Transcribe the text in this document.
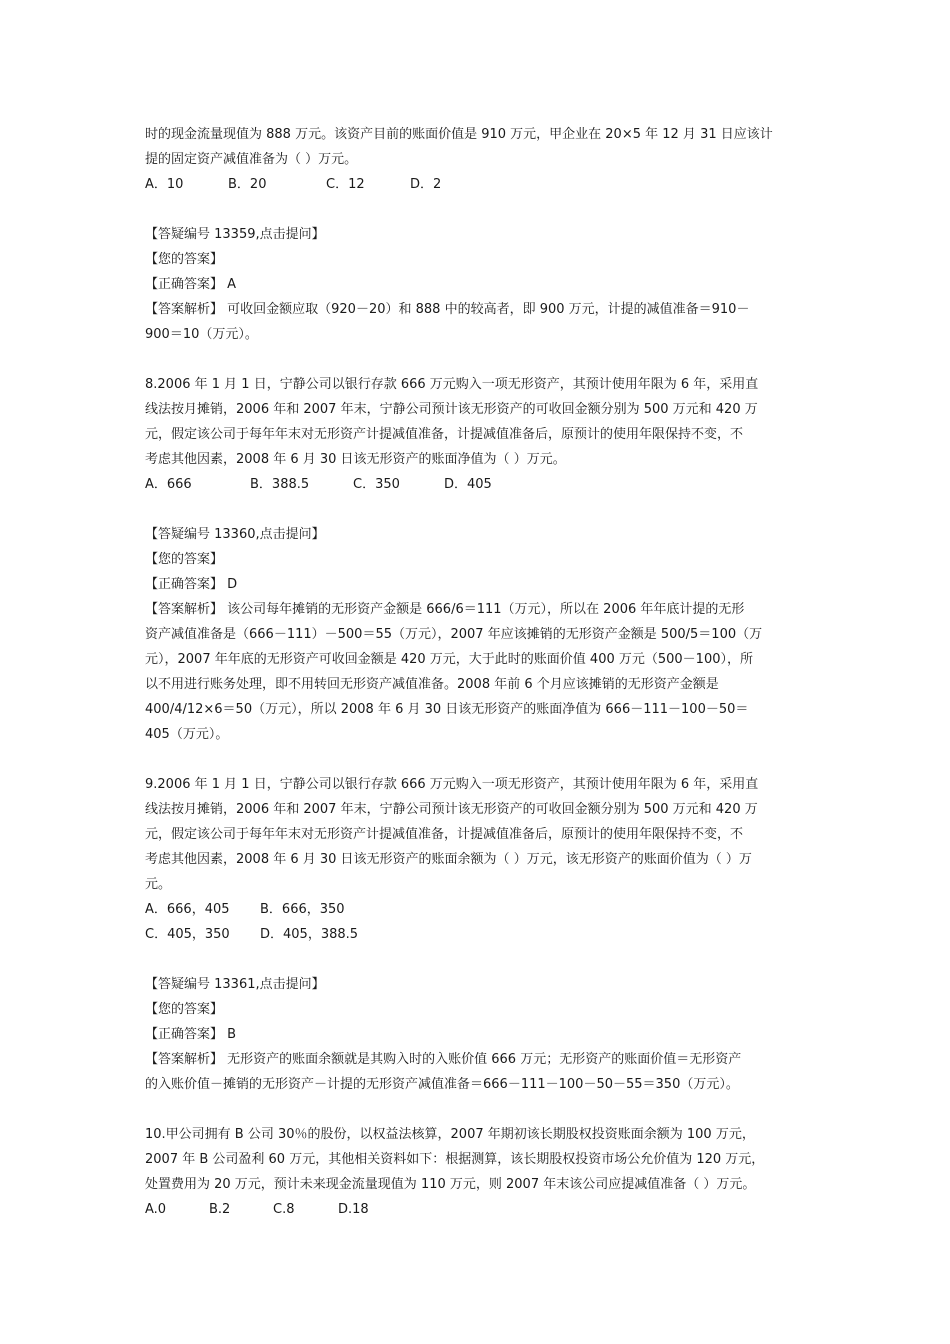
时的现金流量现值为 888 万元。该资产目前的账面价值是 910 万元，甲企业在 20×5 年 12 月 31 日应该计
提的固定资产减值准备为（ ）万元。
A．10	B．20	C．12	D．2
【答疑编号 13359,点击提问】
【您的答案】
【正确答案】 A
【答案解析】 可收回金额应取（920－20）和 888 中的较高者，即 900 万元，计提的减值准备＝910－
900＝10（万元）。
8.2006 年 1 月 1 日，宁静公司以银行存款 666 万元购入一项无形资产，其预计使用年限为 6 年，采用直
线法按月摊销，2006 年和 2007 年末，宁静公司预计该无形资产的可收回金额分别为 500 万元和 420 万
元，假定该公司于每年年末对无形资产计提减值准备，计提减值准备后，原预计的使用年限保持不变，不
考虑其他因素，2008 年 6 月 30 日该无形资产的账面净值为（ ）万元。
A．666	B．388.5	C．350	D．405
【答疑编号 13360,点击提问】
【您的答案】
【正确答案】 D
【答案解析】 该公司每年摊销的无形资产金额是 666/6＝111（万元），所以在 2006 年年底计提的无形
资产减值准备是（666－111）－500＝55（万元），2007 年应该摊销的无形资产金额是 500/5＝100（万
元），2007 年年底的无形资产可收回金额是 420 万元，大于此时的账面价值 400 万元（500－100），所
以不用进行账务处理，即不用转回无形资产减值准备。2008 年前 6 个月应该摊销的无形资产金额是
400/4/12×6＝50（万元），所以 2008 年 6 月 30 日该无形资产的账面净值为 666－111－100－50＝
405（万元）。
9.2006 年 1 月 1 日，宁静公司以银行存款 666 万元购入一项无形资产，其预计使用年限为 6 年，采用直
线法按月摊销，2006 年和 2007 年末，宁静公司预计该无形资产的可收回金额分别为 500 万元和 420 万
元，假定该公司于每年年末对无形资产计提减值准备，计提减值准备后，原预计的使用年限保持不变，不
考虑其他因素，2008 年 6 月 30 日该无形资产的账面余额为（ ）万元，该无形资产的账面价值为（ ）万
元。
A．666，405 B．666，350
C．405，350 D．405，388.5
【答疑编号 13361,点击提问】
【您的答案】
【正确答案】 B
【答案解析】 无形资产的账面余额就是其购入时的入账价值 666 万元；无形资产的账面价值＝无形资产
的入账价值－摊销的无形资产－计提的无形资产减值准备＝666－111－100－50－55＝350（万元）。
10.甲公司拥有 B 公司 30％的股份，以权益法核算，2007 年期初该长期股权投资账面余额为 100 万元，
2007 年 B 公司盈利 60 万元，其他相关资料如下：根据测算，该长期股权投资市场公允价值为 120 万元，
处置费用为 20 万元，预计未来现金流量现值为 110 万元，则 2007 年末该公司应提减值准备（ ）万元。
A.0	B.2	C.8	D.18
